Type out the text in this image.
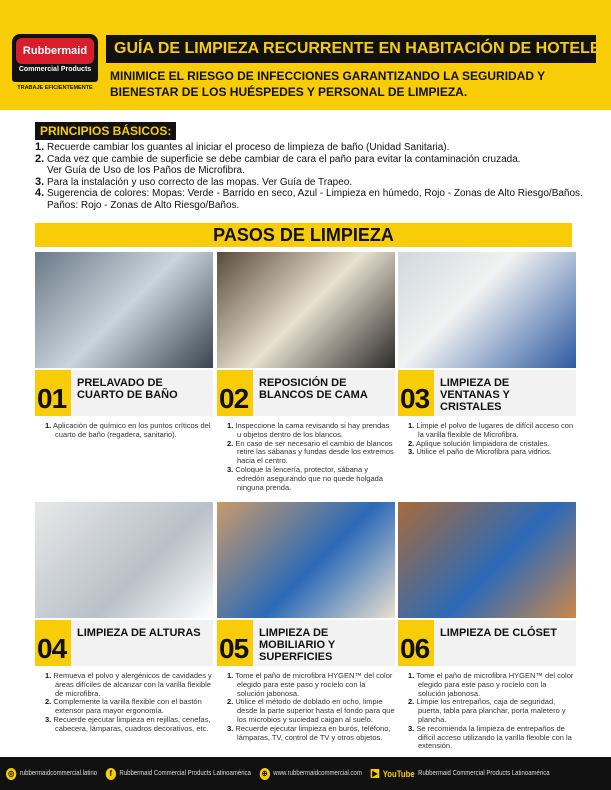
Rubbermaid
Commercial Products
TRABAJE EFICIENTEMENTE
GUÍA DE LIMPIEZA RECURRENTE EN HABITACIÓN DE HOTELES
MINIMICE EL RIESGO DE INFECCIONES GARANTIZANDO LA SEGURIDAD Y BIENESTAR DE LOS HUÉSPEDES Y PERSONAL DE LIMPIEZA.
PRINCIPIOS BÁSICOS:
1. Recuerde cambiar los guantes al iniciar el proceso de limpieza de baño (Unidad Sanitaria).
2. Cada vez que cambie de superficie se debe cambiar de cara el paño para evitar la contaminación cruzada.
Ver Guía de Uso de los Paños de Microfibra.
3. Para la instalación y uso correcto de las mopas. Ver Guía de Trapeo.
4. Sugerencia de colores: Mopas: Verde - Barrido en seco, Azul - Limpieza en húmedo, Rojo - Zonas de Alto Riesgo/Baños.
Paños: Rojo - Zonas de Alto Riesgo/Baños.
PASOS DE LIMPIEZA
01 PRELAVADO DE CUARTO DE BAÑO
1. Aplicación de químico en los puntos críticos del cuarto de baño (regadera, sanitario).
02 REPOSICIÓN DE BLANCOS DE CAMA
1. Inspeccione la cama revisando si hay prendas u objetos dentro de los blancos.
2. En caso de ser necesario el cambio de blancos retire las sábanas y fundas desde los extremos hacia el centro.
3. Coloque la lencería, protector, sábana y edredón asegurando que no quede holgada ninguna prenda.
03 LIMPIEZA DE VENTANAS Y CRISTALES
1. Limpie el polvo de lugares de difícil acceso con la varilla flexible de Microfibra.
2. Aplique solución limpiadora de cristales.
3. Utilice el paño de Microfibra para vidrios.
04 LIMPIEZA DE ALTURAS
1. Remueva el polvo y alergénicos de cavidades y áreas difíciles de alcanzar con la varilla flexible de microfibra.
2. Complemente la varilla flexible con el bastón extensor para mayor ergonomía.
3. Recuerde ejecutar limpieza en rejillas, cenefas, cabecera, lámparas, cuadros decorativos, etc.
05 LIMPIEZA DE MOBILIARIO Y SUPERFICIES
1. Tome el paño de microfibra HYGEN™ del color elegido para este paso y rocíelo con la solución jabonosa.
2. Utilice el método de doblado en ocho, limpie desde la parte superior hasta el fondo para que los microbios y suciedad caigan al suelo.
3. Recuerde ejecutar limpieza en burós, teléfono, lámparas, TV, control de TV y otros objetos.
06 LIMPIEZA DE CLÓSET
1. Tome el paño de microfibra HYGEN™ del color elegido para este paso y rocíelo con la solución jabonosa.
2. Limpie los entrepaños, caja de seguridad, puerta, tabla para planchar, porta maletero y plancha.
3. Se recomienda la limpieza de entrepaños de difícil acceso utilizando la varilla flexible con la extensión.
◎ rubbermaidcommercial.latino	f	Rubbermaid Commercial Products Latinoamérica ⊕ www.rubbermaidcommercial.com ▶ YouTube Rubbermaid Commercial Products Latinoamérica
